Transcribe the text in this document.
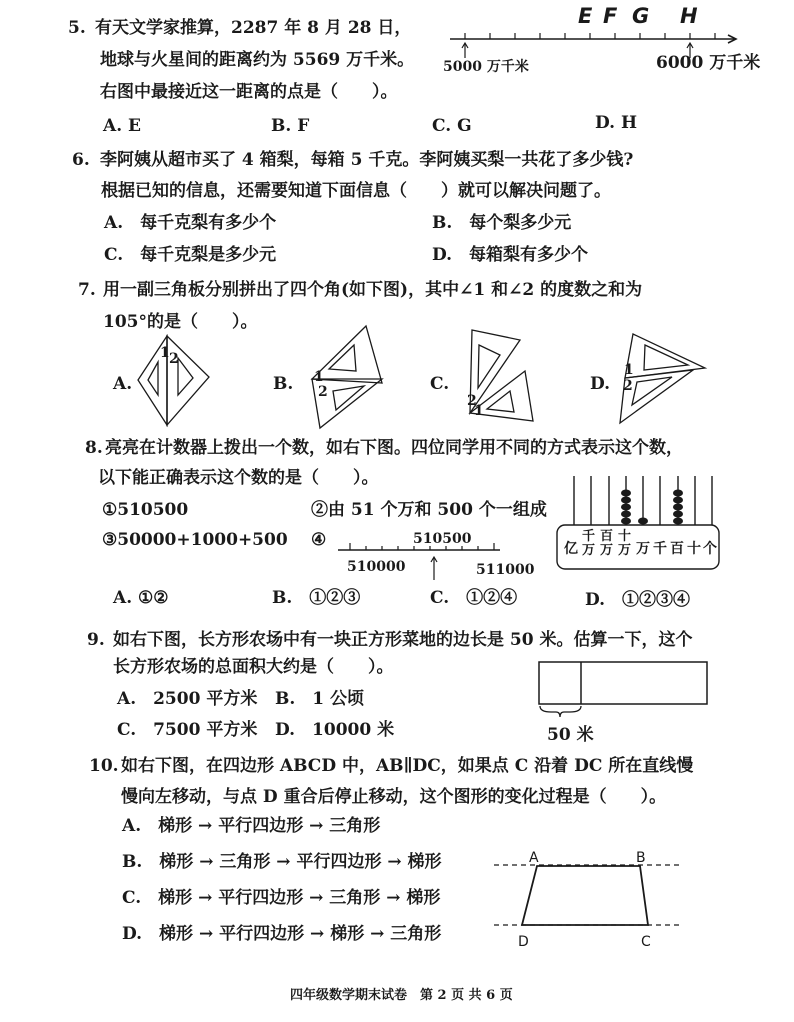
5. 有天文学家推算，2287 年 8 月 28 日，
地球与火星间的距离约为 5569 万千米。
右图中最接近这一距离的点是（　　）。
A. E	B. F	C. G	D. H
E F G H
5000 万千米	6000 万千米
6. 李阿姨从超市买了 4 箱梨，每箱 5 千克。李阿姨买梨一共花了多少钱?
根据已知的信息，还需要知道下面信息（　　）就可以解决问题了。
A.　每千克梨有多少个	B.　每个梨多少元
C.　每千克梨是多少元	D.　每箱梨有多少个
7. 用一副三角板分别拼出了四个角(如下图)，其中∠1 和∠2 的度数之和为
105°的是（　　）。
A.	B.	C.	D.
1 2
1
2
2
1
1
2
8. 亮亮在计数器上拨出一个数，如右下图。四位同学用不同的方式表示这个数，
以下能正确表示这个数的是（　　）。
①510500	②由 51 个万和 500 个一组成
③50000+1000+500 ④	510500
510000	511000
亿
千万
百万
十万 万 千 百 十 个
A. ①②	B.　①②③	C.　①②④	D.　①②③④
9. 如右下图，长方形农场中有一块正方形菜地的边长是 50 米。估算一下，这个
长方形农场的总面积大约是（　　）。
A.　2500 平方米 B.　1 公顷
C.　7500 平方米 D.　10000 米	50 米
10. 如右下图，在四边形 ABCD 中，AB∥DC，如果点 C 沿着 DC 所在直线慢
慢向左移动，与点 D 重合后停止移动，这个图形的变化过程是（　　）。
A.　梯形 → 平行四边形 → 三角形
B.　梯形 → 三角形 → 平行四边形 → 梯形
C.　梯形 → 平行四边形 → 三角形 → 梯形
D.　梯形 → 平行四边形 → 梯形 → 三角形
A	B
C
D
四年级数学期末试卷　第 2 页 共 6 页
